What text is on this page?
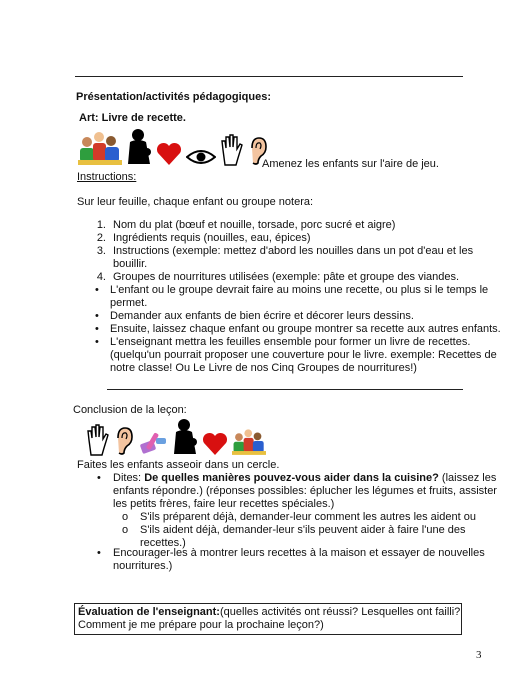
Présentation/activités pédagogiques:
Art: Livre de recette.
Amenez les enfants sur l'aire de jeu.
Instructions:
Sur leur feuille, chaque enfant ou groupe notera:
1. Nom du plat (bœuf et nouille, torsade, porc sucré et aigre)
2. Ingrédients requis (nouilles, eau, épices)
3. Instructions (exemple: mettez d'abord les nouilles dans un pot d'eau et les
bouillir.
4. Groupes de nourritures utilisées (exemple: pâte et groupe des viandes.
• L'enfant ou le groupe devrait faire au moins une recette, ou plus si le temps le
permet.
• Demander aux enfants de bien écrire et décorer leurs dessins.
• Ensuite, laissez chaque enfant ou groupe montrer sa recette aux autres enfants.
• L'enseignant mettra les feuilles ensemble pour former un livre de recettes.
(quelqu'un pourrait proposer une couverture pour le livre. exemple: Recettes de
notre classe! Ou Le Livre de nos Cinq Groupes de nourritures!)
Conclusion de la leçon:
Faites les enfants asseoir dans un cercle.
• Dites: De quelles manières pouvez-vous aider dans la cuisine? (laissez les
enfants répondre.) (réponses possibles: éplucher les légumes et fruits, assister
les petits frères, faire leur recettes spéciales.)
o S'ils préparent déjà, demander-leur comment les autres les aident ou
o S'ils aident déjà, demander-leur s'ils peuvent aider à faire l'une des
recettes.)
• Encourager-les à montrer leurs recettes à la maison et essayer de nouvelles
nourritures.)
Évaluation de l'enseignant:(quelles activités ont réussi? Lesquelles ont failli?
Comment je me prépare pour la prochaine leçon?)
3
